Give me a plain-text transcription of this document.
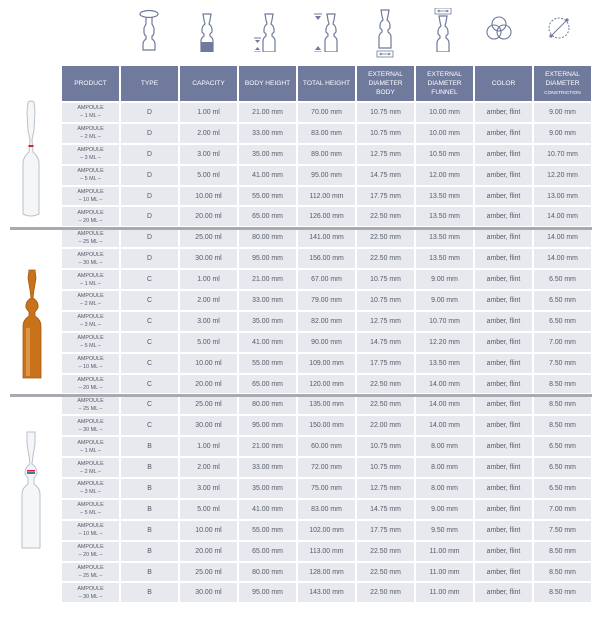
PRODUCT	TYPE	CAPACITY	BODY HEIGHT	TOTAL HEIGHT	EXTERNAL
DIAMETER
BODY	EXTERNAL
DIAMETER
FUNNEL	COLOR	EXTERNAL
DIAMETER
CONSTRICTION

AMPOULE
– 1 ML –	D	1.00 ml	21.00 mm	70.00 mm	10.75 mm	10.00 mm	amber, flint	9.00 mm

AMPOULE
– 2 ML –	D	2.00 ml	33.00 mm	83.00 mm	10.75 mm	10.00 mm	amber, flint	9.00 mm

AMPOULE
– 3 ML –	D	3.00 ml	35.00 mm	89.00 mm	12.75 mm	10.50 mm	amber, flint	10.70 mm

AMPOULE
– 5 ML –	D	5.00 ml	41.00 mm	95.00 mm	14.75 mm	12.00 mm	amber, flint	12.20 mm

AMPOULE
– 10 ML –	D	10.00 ml	55.00 mm	112.00 mm	17.75 mm	13.50 mm	amber, flint	13.00 mm

AMPOULE
– 20 ML –	D	20.00 ml	65.00 mm	126.00 mm	22.50 mm	13.50 mm	amber, flint	14.00 mm

AMPOULE
– 25 ML –	D	25.00 ml	80.00 mm	141.00 mm	22.50 mm	13.50 mm	amber, flint	14.00 mm

AMPOULE
– 30 ML –	D	30.00 ml	95.00 mm	156.00 mm	22.50 mm	13.50 mm	amber, flint	14.00 mm

AMPOULE
– 1 ML –	C	1.00 ml	21.00 mm	67.00 mm	10.75 mm	9.00 mm	amber, flint	6.50 mm

AMPOULE
– 2 ML –	C	2.00 ml	33.00 mm	79.00 mm	10.75 mm	9.00 mm	amber, flint	6.50 mm

AMPOULE
– 3 ML –	C	3.00 ml	35.00 mm	82.00 mm	12.75 mm	10.70 mm	amber, flint	6.50 mm

AMPOULE
– 5 ML –	C	5.00 ml	41.00 mm	90.00 mm	14.75 mm	12.20 mm	amber, flint	7.00 mm

AMPOULE
– 10 ML –	C	10.00 ml	55.00 mm	109.00 mm	17.75 mm	13.50 mm	amber, flint	7.50 mm

AMPOULE
– 20 ML –	C	20.00 ml	65.00 mm	120.00 mm	22.50 mm	14.00 mm	amber, flint	8.50 mm

AMPOULE
– 25 ML –	C	25.00 ml	80.00 mm	135.00 mm	22.50 mm	14.00 mm	amber, flint	8.50 mm

AMPOULE
– 30 ML –	C	30.00 ml	95.00 mm	150.00 mm	22.00 mm	14.00 mm	amber, flint	8.50 mm

AMPOULE
– 1 ML –	B	1.00 ml	21.00 mm	60.00 mm	10.75 mm	8.00 mm	amber, flint	6.50 mm

AMPOULE
– 2 ML –	B	2.00 ml	33.00 mm	72.00 mm	10.75 mm	8.00 mm	amber, flint	6.50 mm

AMPOULE
– 3 ML –	B	3.00 ml	35.00 mm	75.00 mm	12.75 mm	8.00 mm	amber, flint	6.50 mm

AMPOULE
– 5 ML –	B	5.00 ml	41.00 mm	83.00 mm	14.75 mm	9.00 mm	amber, flint	7.00 mm

AMPOULE
– 10 ML –	B	10.00 ml	55.00 mm	102.00 mm	17.75 mm	9.50 mm	amber, flint	7.50 mm

AMPOULE
– 20 ML –	B	20.00 ml	65.00 mm	113.00 mm	22.50 mm	11.00 mm	amber, flint	8.50 mm

AMPOULE
– 25 ML –	B	25.00 ml	80.00 mm	128.00 mm	22.50 mm	11.00 mm	amber, flint	8.50 mm

AMPOULE
– 30 ML –	B	30.00 ml	95.00 mm	143.00 mm	22.50 mm	11.00 mm	amber, flint	8.50 mm
